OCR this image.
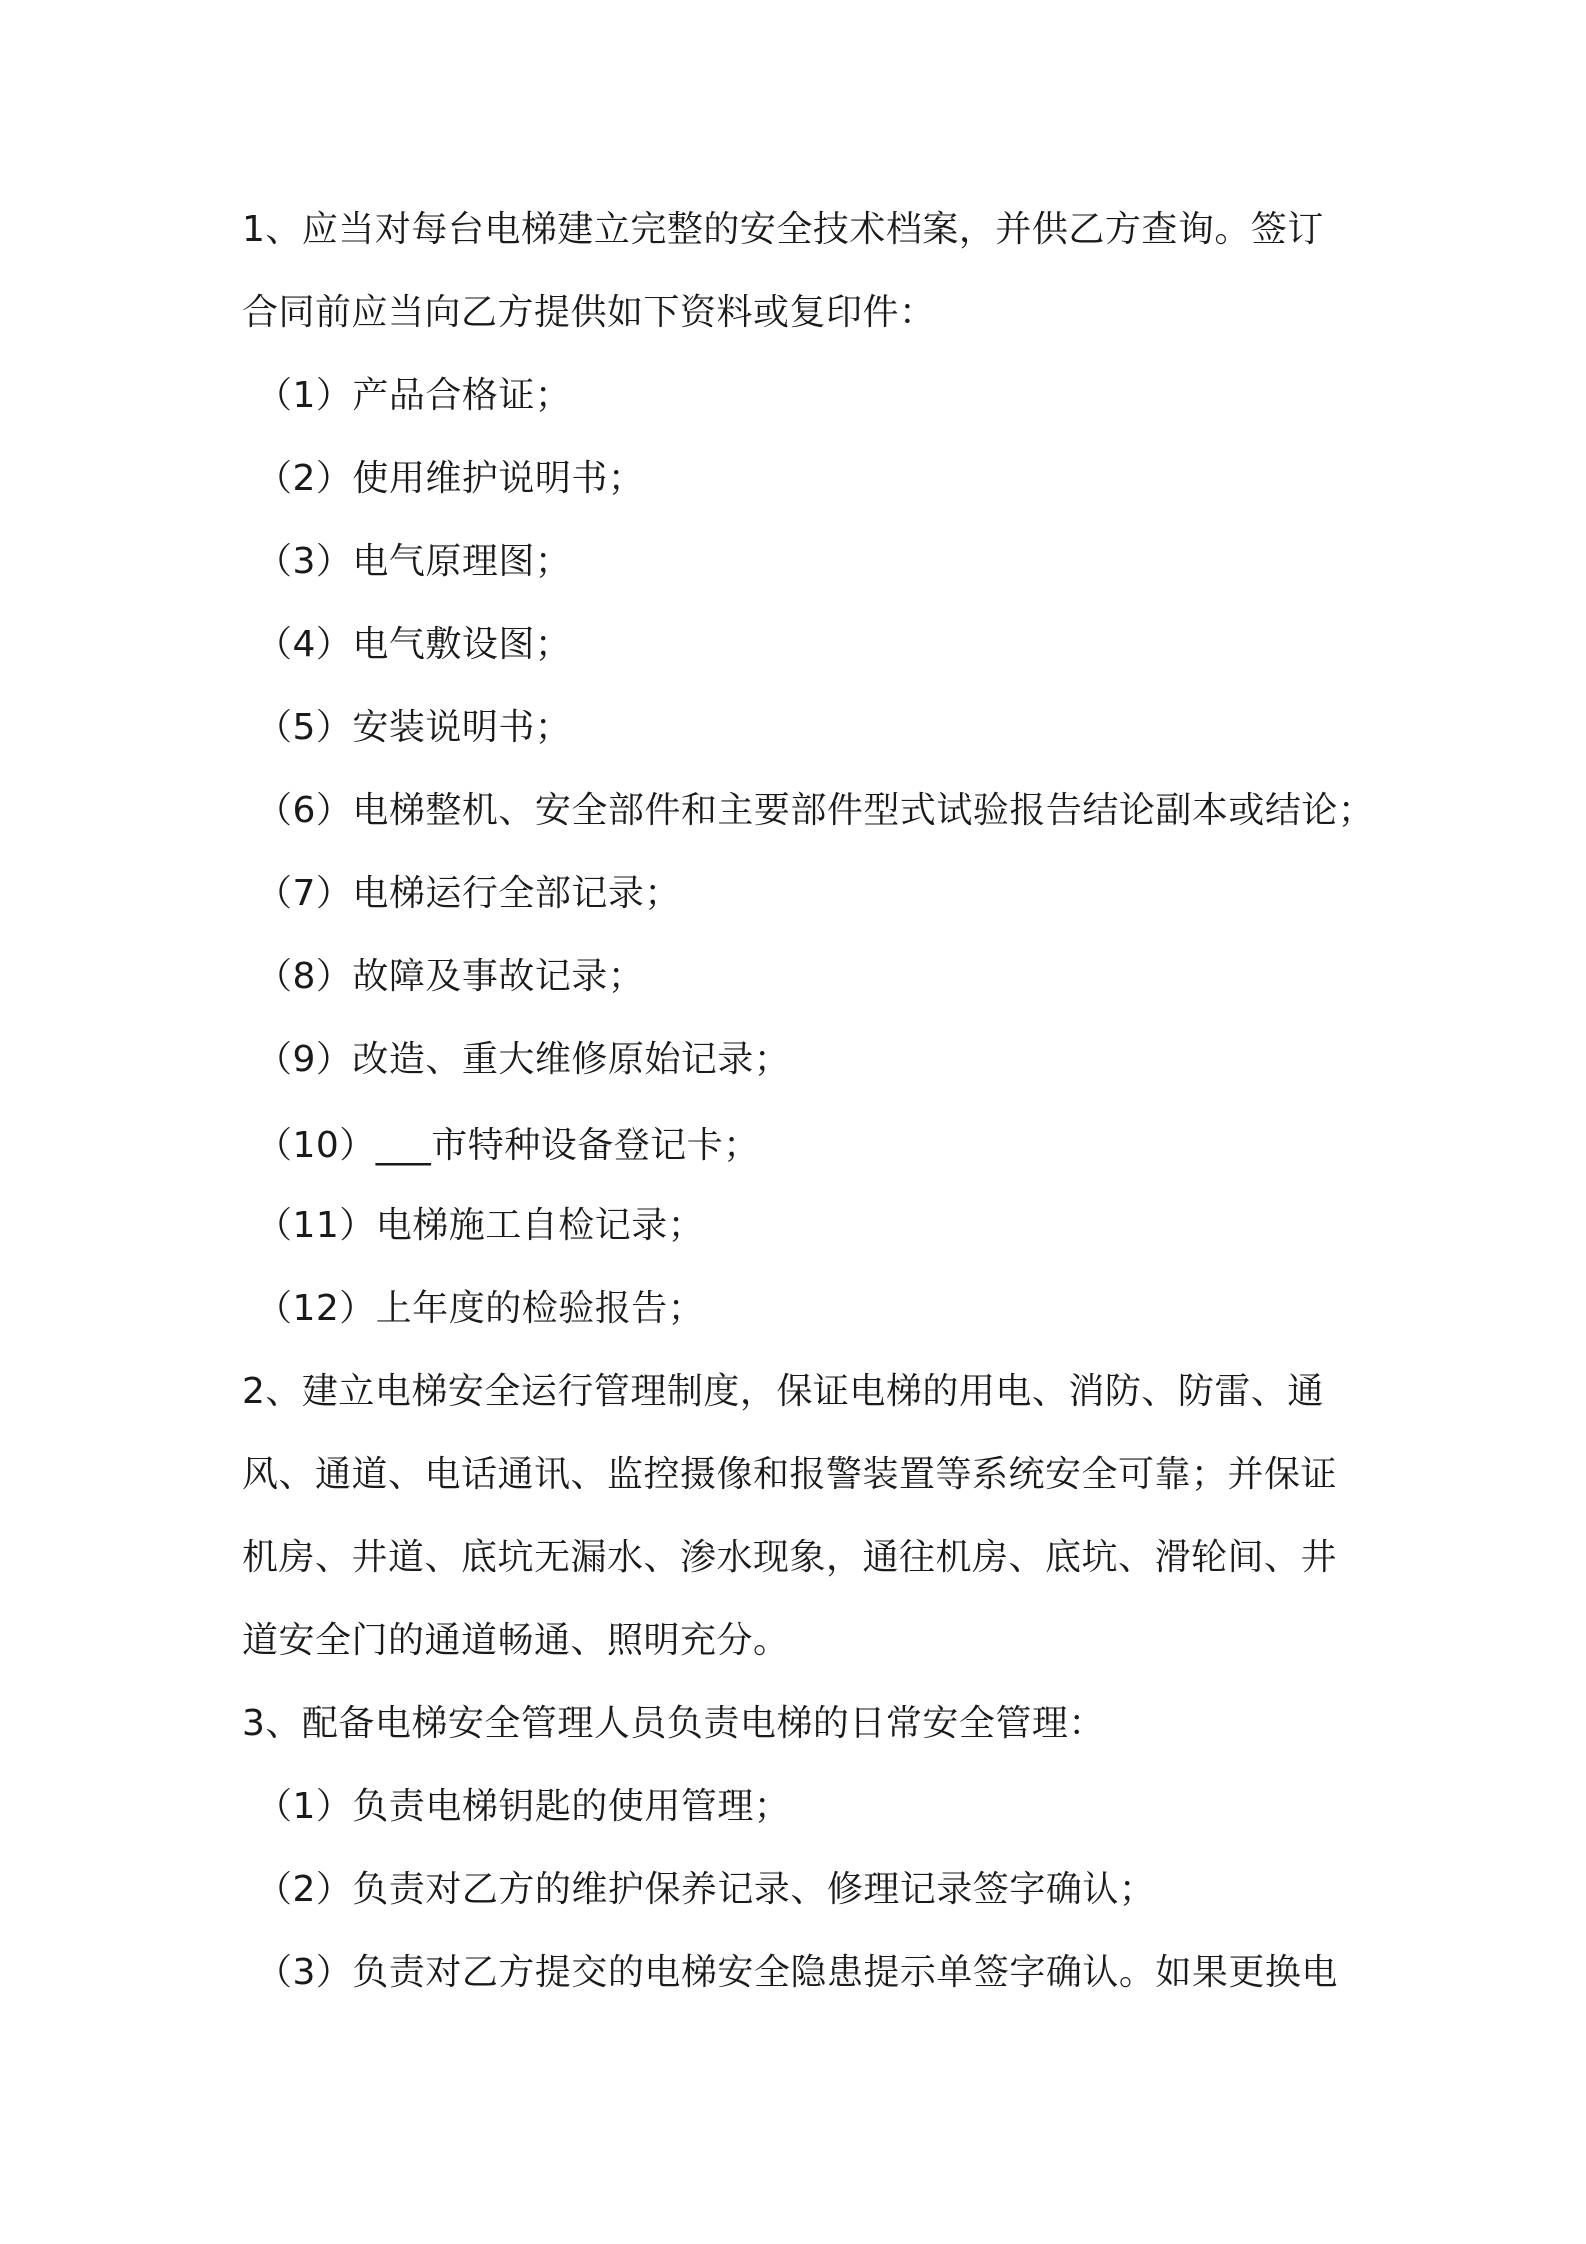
1、应当对每台电梯建立完整的安全技术档案，并供乙方查询。签订
合同前应当向乙方提供如下资料或复印件：
（1）产品合格证；
（2）使用维护说明书；
（3）电气原理图；
（4）电气敷设图；
（5）安装说明书；
（6）电梯整机、安全部件和主要部件型式试验报告结论副本或结论；
（7）电梯运行全部记录；
（8）故障及事故记录；
（9）改造、重大维修原始记录；
（10）___市特种设备登记卡；
（11）电梯施工自检记录；
（12）上年度的检验报告；
2、建立电梯安全运行管理制度，保证电梯的用电、消防、防雷、通
风、通道、电话通讯、监控摄像和报警装置等系统安全可靠；并保证
机房、井道、底坑无漏水、渗水现象，通往机房、底坑、滑轮间、井
道安全门的通道畅通、照明充分。
3、配备电梯安全管理人员负责电梯的日常安全管理：
（1）负责电梯钥匙的使用管理；
（2）负责对乙方的维护保养记录、修理记录签字确认；
（3）负责对乙方提交的电梯安全隐患提示单签字确认。如果更换电
